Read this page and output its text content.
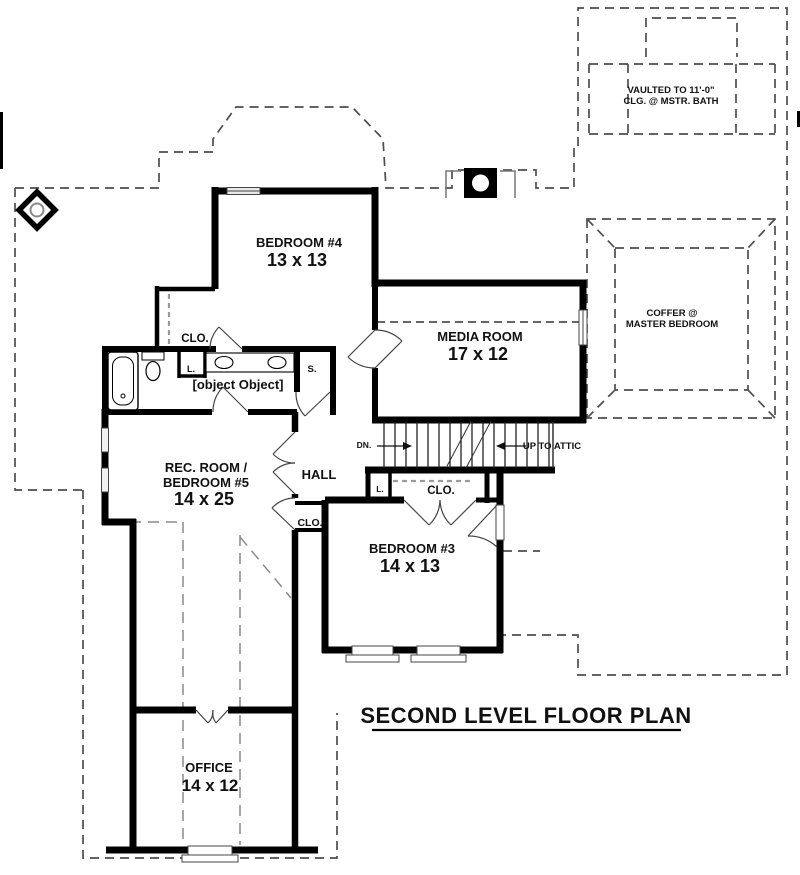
VAULTED TO 11'-0"
CLG. @ MSTR. BATH
BEDROOM #4
13 x 13
MEDIA ROOM
17 x 12
COFFER @
MASTER BEDROOM
CLO.
L.
[object Object]
S.
REC. ROOM /
BEDROOM #5
14 x 25
HALL
DN.	UP TO ATTIC
L.	CLO.
CLO.
BEDROOM #3
14 x 13
OFFICE
14 x 12
SECOND LEVEL FLOOR PLAN
